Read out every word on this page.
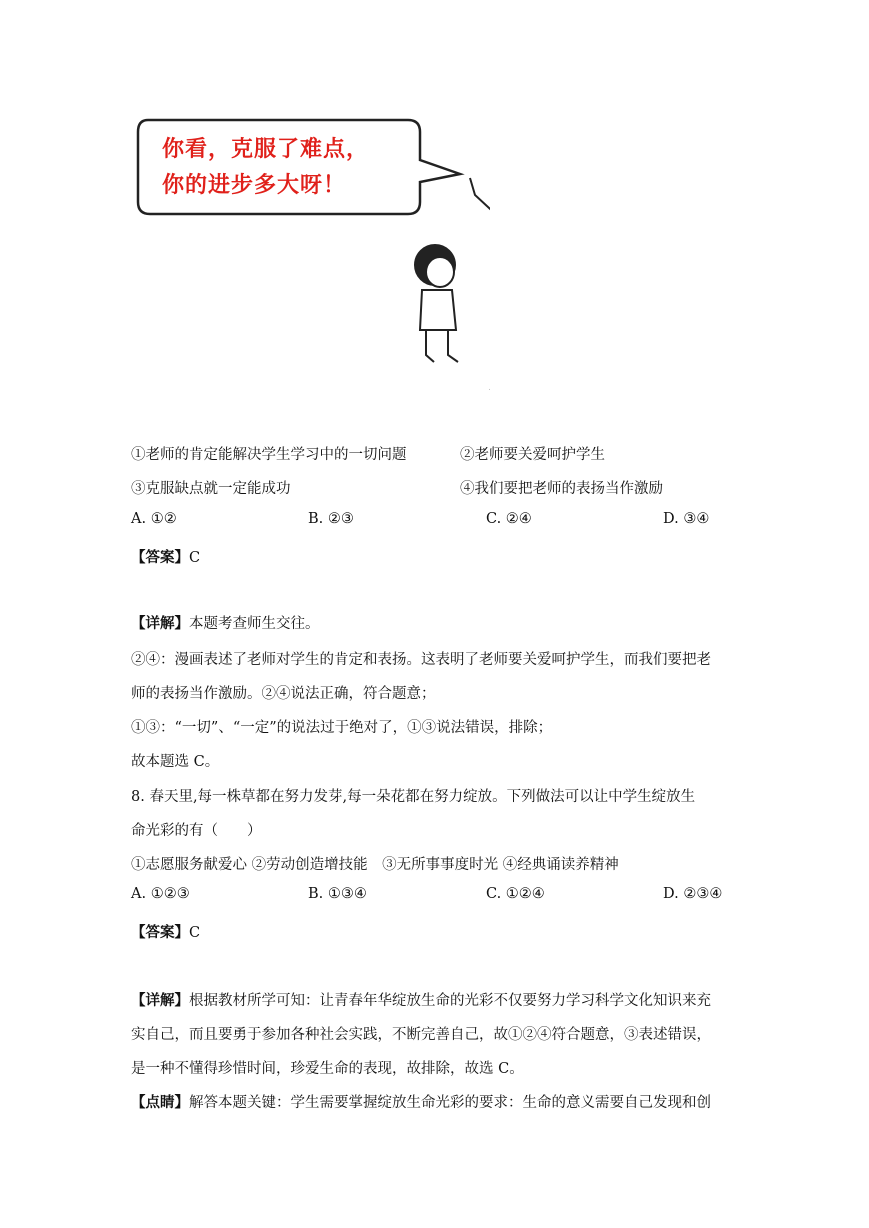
你看，克服了难点，
你的进步多大呀！
①老师的肯定能解决学生学习中的一切问题	②老师要关爱呵护学生
③克服缺点就一定能成功	④我们要把老师的表扬当作激励
A. ①②	B. ②③	C. ②④	D. ③④
【答案】C
【详解】本题考查师生交往。
②④：漫画表述了老师对学生的肯定和表扬。这表明了老师要关爱呵护学生，而我们要把老
师的表扬当作激励。②④说法正确，符合题意；
①③：“一切”、“一定”的说法过于绝对了，①③说法错误，排除；
故本题选 C。
8. 春天里,每一株草都在努力发芽,每一朵花都在努力绽放。下列做法可以让中学生绽放生
命光彩的有（　　）
①志愿服务献爱心 ②劳动创造增技能　③无所事事度时光 ④经典诵读养精神
A. ①②③	B. ①③④	C. ①②④	D. ②③④
【答案】C
【详解】根据教材所学可知：让青春年华绽放生命的光彩不仅要努力学习科学文化知识来充
实自己，而且要勇于参加各种社会实践，不断完善自己，故①②④符合题意，③表述错误，
是一种不懂得珍惜时间，珍爱生命的表现，故排除，故选 C。
【点睛】解答本题关键：学生需要掌握绽放生命光彩的要求：生命的意义需要自己发现和创
